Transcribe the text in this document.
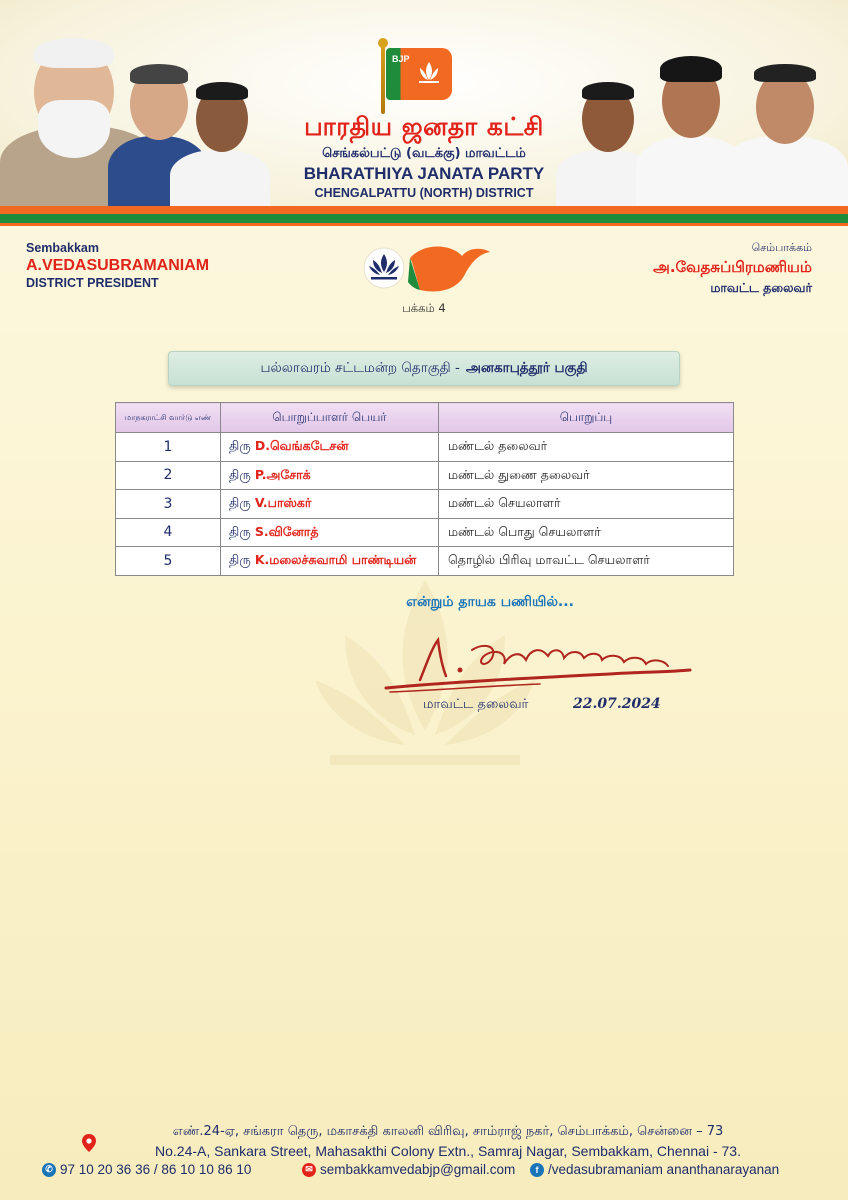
BJP
பாரதிய ஜனதா கட்சி
செங்கல்பட்டு (வடக்கு) மாவட்டம்
BHARATHIYA JANATA PARTY
CHENGALPATTU (NORTH) DISTRICT
Sembakkam
A.VEDASUBRAMANIAM
DISTRICT PRESIDENT
செம்பாக்கம்
அ.வேதசுப்பிரமணியம்
மாவட்ட தலைவர்
பக்கம் 4
பல்லாவரம் சட்டமன்ற தொகுதி - அனகாபுத்தூர் பகுதி
மாநகராட்சி வார்டு எண்	பொறுப்பாளர் பெயர்	பொறுப்பு
1	திரு D.வெங்கடேசன்	மண்டல் தலைவர்
2	திரு P.அசோக்	மண்டல் துணை தலைவர்
3	திரு V.பாஸ்கர்	மண்டல் செயலாளர்
4	திரு S.வினோத்	மண்டல் பொது செயலாளர்
5	திரு K.மலைச்சுவாமி பாண்டியன்	தொழில் பிரிவு மாவட்ட செயலாளர்
என்றும் தாயக பணியில்...
மாவட்ட தலைவர்	22.07.2024
எண்.24-ஏ, சங்கரா தெரு, மகாசக்தி காலனி விரிவு, சாம்ராஜ் நகர், செம்பாக்கம், சென்னை – 73
No.24-A, Sankara Street, Mahasakthi Colony Extn., Samraj Nagar, Sembakkam, Chennai - 73.
✆ 97 10 20 36 36 / 86 10 10 86 10	✉ sembakkamvedabjp@gmail.com	f /vedasubramaniam ananthanarayanan
